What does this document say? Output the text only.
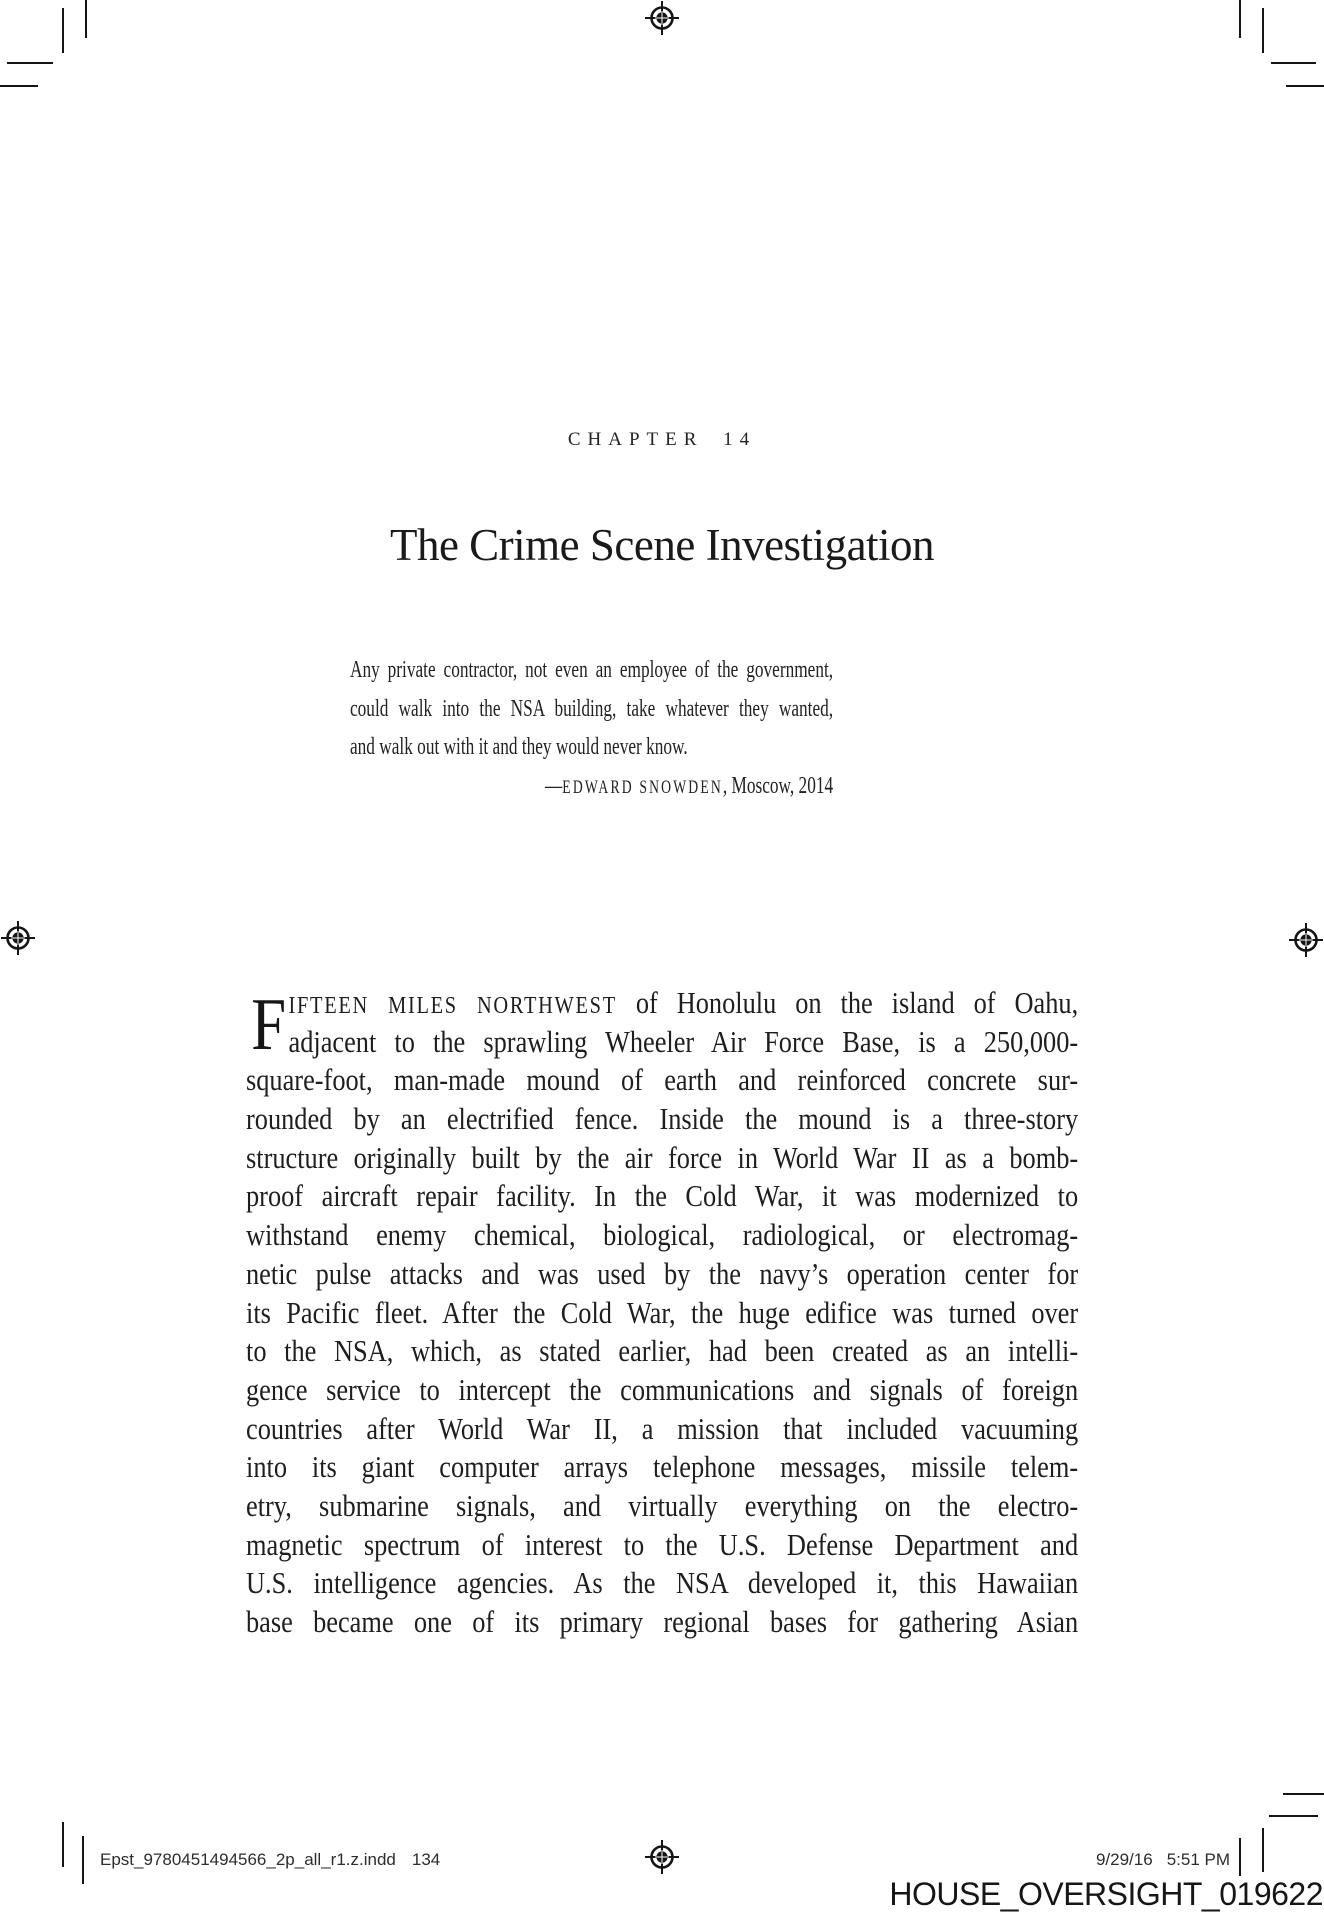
CHAPTER 14
The Crime Scene Investigation
Any private contractor, not even an employee of the government,
could walk into the NSA building, take whatever they wanted,
and walk out with it and they would never know.
—EDWARD SNOWDEN, Moscow, 2014
F IFTEEN MILES NORTHWEST of Honolulu on the island of Oahu,
adjacent to the sprawling Wheeler Air Force Base, is a 250,000-
square-foot, man-made mound of earth and reinforced concrete sur-
rounded by an electrified fence. Inside the mound is a three-story
structure originally built by the air force in World War II as a bomb-
proof aircraft repair facility. In the Cold War, it was modernized to
withstand enemy chemical, biological, radiological, or electromag-
netic pulse attacks and was used by the navy’s operation center for
its Pacific fleet. After the Cold War, the huge edifice was turned over
to the NSA, which, as stated earlier, had been created as an intelli-
gence service to intercept the communications and signals of foreign
countries after World War II, a mission that included vacuuming
into its giant computer arrays telephone messages, missile telem-
etry, submarine signals, and virtually everything on the electro-
magnetic spectrum of interest to the U.S. Defense Department and
U.S. intelligence agencies. As the NSA developed it, this Hawaiian
base became one of its primary regional bases for gathering Asian
Epst_9780451494566_2p_all_r1.z.indd 134	9/29/16 5:51 PM
HOUSE_OVERSIGHT_019622
